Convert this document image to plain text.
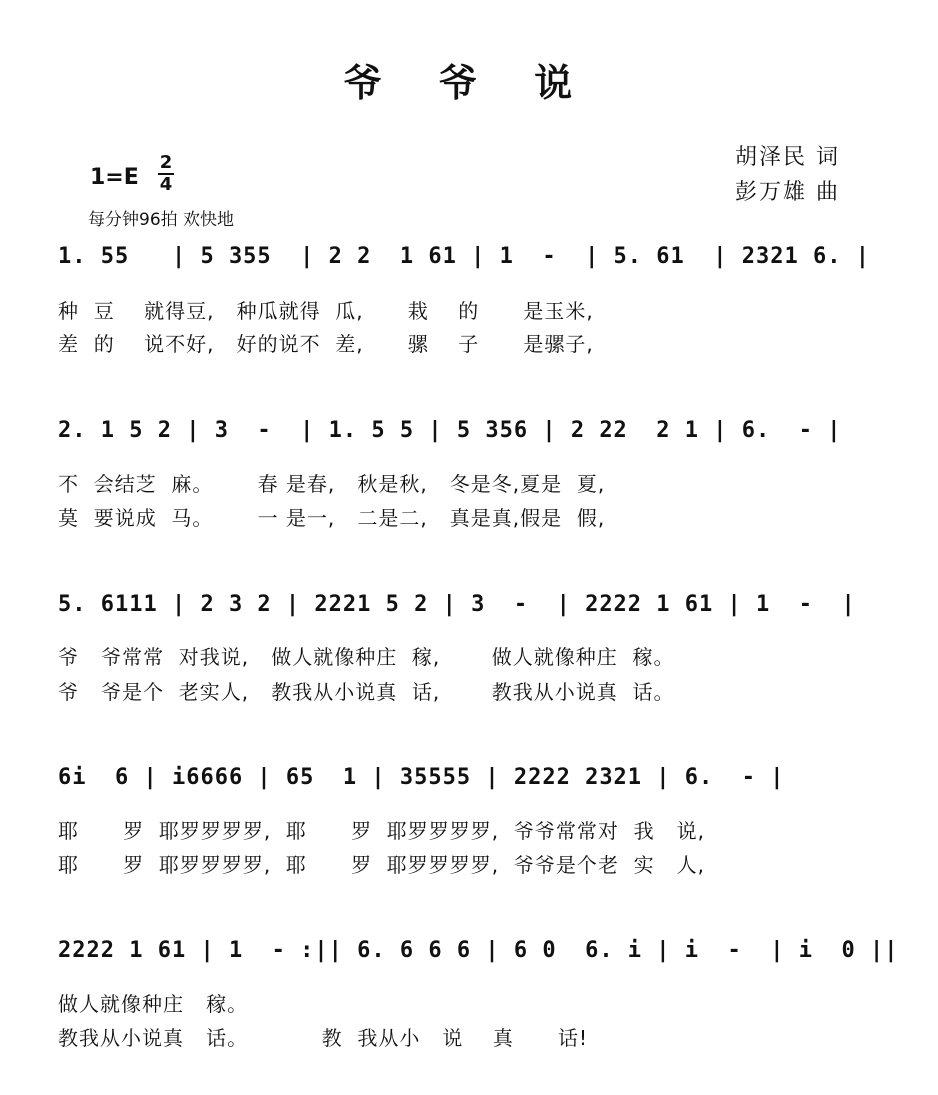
爷 爷 说
胡泽民 词
彭万雄 曲
1=E
2
4
每分钟96拍 欢快地
1. 55   | 5 355  | 2 2  1 61 | 1  -  | 5. 61  | 2321 6. |
种  豆    就得豆,   种瓜就得  瓜,      栽    的      是玉米,
差  的    说不好,   好的说不  差,      骡    子      是骡子,
2. 1 5 2 | 3  -  | 1. 5 5 | 5 356 | 2 22  2 1 | 6.  - |
不  会结芝  麻。      春 是春,   秋是秋,   冬是冬,夏是  夏,
莫  要说成  马。      一 是一,   二是二,   真是真,假是  假,
5. 6111 | 2 3 2 | 2221 5 2 | 3  -  | 2222 1 61 | 1  -  |
爷   爷常常  对我说,   做人就像种庄  稼,       做人就像种庄  稼。
爷   爷是个  老实人,   教我从小说真  话,       教我从小说真  话。
6i  6 | i6666 | 65  1 | 35555 | 2222 2321 | 6.  - |
耶      罗  耶罗罗罗罗,  耶      罗  耶罗罗罗罗,  爷爷常常对  我   说,
耶      罗  耶罗罗罗罗,  耶      罗  耶罗罗罗罗,  爷爷是个老  实   人,
2222 1 61 | 1  - :|| 6. 6 6 6 | 6 0  6. i | i  -  | i  0 ||
做人就像种庄   稼。
教我从小说真   话。          教  我从小   说    真      话!
